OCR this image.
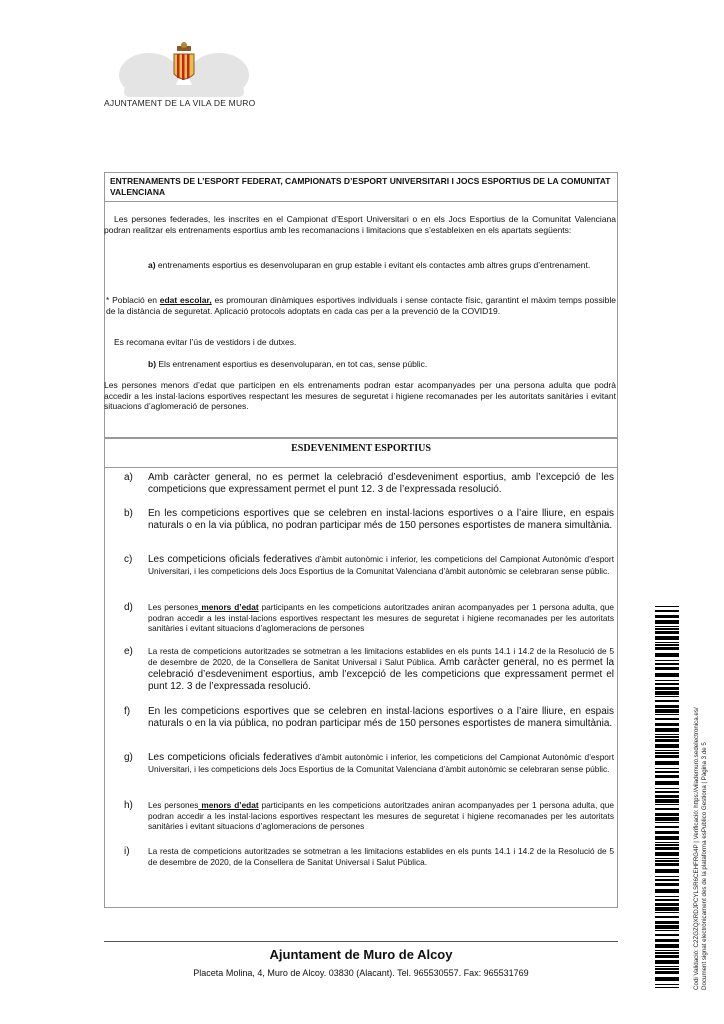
AJUNTAMENT DE LA VILA DE MURO
ENTRENAMENTS DE L’ESPORT FEDERAT, CAMPIONATS D’ESPORT UNIVERSITARI I JOCS ESPORTIUS DE LA COMUNITAT VALENCIANA
Les persones federades, les inscrites en el Campionat d’Esport Universitari o en els Jocs Esportius de la Comunitat Valenciana podran realitzar els entrenaments esportius amb les recomanacions i limitacions que s’estableixen en els apartats següents:
a) entrenaments esportius es desenvoluparan en grup estable i evitant els contactes amb altres grups d’entrenament.
* Població en edat escolar, es promouran dinàmiques esportives individuals i sense contacte físic, garantint el màxim temps possible de la distància de seguretat. Aplicació protocols adoptats en cada cas per a la prevenció de la COVID19.
Es recomana evitar l’ús de vestidors i de dutxes.
b) Els entrenament esportius es desenvoluparan, en tot cas, sense públic.
Les persones menors d’edat que participen en els entrenaments podran estar acompanyades per una persona adulta que podrà accedir a les instal·lacions esportives respectant les mesures de seguretat i higiene recomanades per les autoritats sanitàries i evitant situacions d’aglomeració de persones.
ESDEVENIMENT ESPORTIUS
a)	Amb caràcter general, no es permet la celebració d’esdeveniment esportius, amb l’excepció de les competicions que expressament permet el punt 12. 3 de l’expressada resolució.
b)	En les competicions esportives que se celebren en instal·lacions esportives o a l’aire lliure, en espais naturals o en la via pública, no podran participar més de 150 persones esportistes de manera simultània.
c)	Les competicions oficials federatives d’àmbit autonòmic i inferior, les competicions del Campionat Autonòmic d’esport Universitari, i les competicions dels Jocs Esportius de la Comunitat Valenciana d’àmbit autonòmic se celebraran sense públic.
d)	Les persones menors d’edat participants en les competicions autoritzades aniran acompanyades per 1 persona adulta, que podran accedir a les instal·lacions esportives respectant les mesures de seguretat i higiene recomanades per les autoritats sanitàries i evitant situacions d’aglomeracions de persones
e)	La resta de competicions autoritzades se sotmetran a les limitacions establides en els punts 14.1 i 14.2 de la Resolució de 5 de desembre de 2020, de la Consellera de Sanitat Universal i Salut Pública. Amb caràcter general, no es permet la celebració d’esdeveniment esportius, amb l’excepció de les competicions que expressament permet el punt 12. 3 de l’expressada resolució.
f)	En les competicions esportives que se celebren en instal·lacions esportives o a l’aire lliure, en espais naturals o en la via pública, no podran participar més de 150 persones esportistes de manera simultània.
g)	Les competicions oficials federatives d’àmbit autonòmic i inferior, les competicions del Campionat Autonòmic d’esport Universitari, i les competicions dels Jocs Esportius de la Comunitat Valenciana d’àmbit autonòmic se celebraran sense públic.
h)	Les persones menors d’edat participants en les competicions autoritzades aniran acompanyades per 1 persona adulta, que podran accedir a les instal·lacions esportives respectant les mesures de seguretat i higiene recomanades per les autoritats sanitàries i evitant situacions d’aglomeracions de persones
i)	La resta de competicions autoritzades se sotmetran a les limitacions establides en els punts 14.1 i 14.2 de la Resolució de 5 de desembre de 2020, de la Consellera de Sanitat Universal i Salut Pública.
Ajuntament de Muro de Alcoy
Placeta Molina, 4, Muro de Alcoy. 03830 (Alacant). Tel. 965530557. Fax: 965531769	Codi Validació: C2ZGZQXRDJPCYLSR6CEHFRG4P | Verificació: https://vilademuro.sedelectronica.es/ Document signat electrònicament des de la plataforma esPublico Gestiona | Pàgina 3 de 5
